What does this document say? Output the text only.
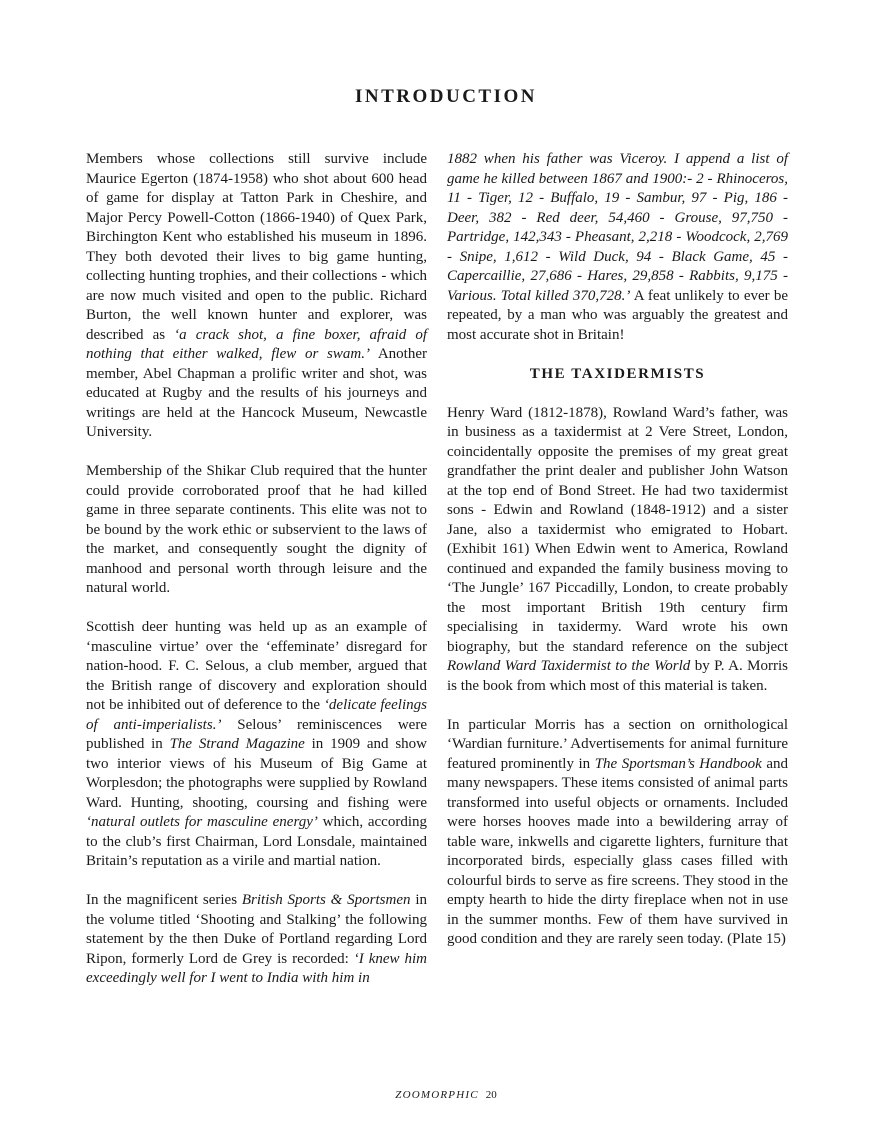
INTRODUCTION

Members whose collections still survive include Maurice Egerton (1874-1958) who shot about 600 head of game for display at Tatton Park in Cheshire, and Major Percy Powell-Cotton (1866-1940) of Quex Park, Birchington Kent who established his museum in 1896. They both devoted their lives to big game hunting, collecting hunting trophies, and their collections - which are now much visited and open to the public. Richard Burton, the well known hunter and explorer, was described as ‘a crack shot, a fine boxer, afraid of nothing that either walked, flew or swam.’ Another member, Abel Chapman a prolific writer and shot, was educated at Rugby and the results of his journeys and writings are held at the Hancock Museum, Newcastle University.

Membership of the Shikar Club required that the hunter could provide corroborated proof that he had killed game in three separate continents. This elite was not to be bound by the work ethic or subservient to the laws of the market, and consequently sought the dignity of manhood and personal worth through leisure and the natural world.

Scottish deer hunting was held up as an example of ‘masculine virtue’ over the ‘effeminate’ disregard for nation-hood. F. C. Selous, a club member, argued that the British range of discovery and exploration should not be inhibited out of deference to the ‘delicate feelings of anti-imperialists.’ Selous’ reminiscences were published in The Strand Magazine in 1909 and show two interior views of his Museum of Big Game at Worplesdon; the photographs were supplied by Rowland Ward. Hunting, shooting, coursing and fishing were ‘natural outlets for masculine energy’ which, according to the club’s first Chairman, Lord Lonsdale, maintained Britain’s reputation as a virile and martial nation.

In the magnificent series British Sports & Sportsmen in the volume titled ‘Shooting and Stalking’ the following statement by the then Duke of Portland regarding Lord Ripon, formerly Lord de Grey is recorded: ‘I knew him exceedingly well for I went to India with him in

1882 when his father was Viceroy. I append a list of game he killed between 1867 and 1900:- 2 - Rhinoceros, 11 - Tiger, 12 - Buffalo, 19 - Sambur, 97 - Pig, 186 - Deer, 382 - Red deer, 54,460 - Grouse, 97,750 - Partridge, 142,343 - Pheasant, 2,218 - Woodcock, 2,769 - Snipe, 1,612 - Wild Duck, 94 - Black Game, 45 - Capercaillie, 27,686 - Hares, 29,858 - Rabbits, 9,175 - Various. Total killed 370,728.’ A feat unlikely to ever be repeated, by a man who was arguably the greatest and most accurate shot in Britain!

THE TAXIDERMISTS

Henry Ward (1812-1878), Rowland Ward’s father, was in business as a taxidermist at 2 Vere Street, London, coincidentally opposite the premises of my great great grandfather the print dealer and publisher John Watson at the top end of Bond Street. He had two taxidermist sons - Edwin and Rowland (1848-1912) and a sister Jane, also a taxidermist who emigrated to Hobart. (Exhibit 161) When Edwin went to America, Rowland continued and expanded the family business moving to ‘The Jungle’ 167 Piccadilly, London, to create probably the most important British 19th century firm specialising in taxidermy. Ward wrote his own biography, but the standard reference on the subject Rowland Ward Taxidermist to the World by P. A. Morris is the book from which most of this material is taken.

In particular Morris has a section on ornithological ‘Wardian furniture.’ Advertisements for animal furniture featured prominently in The Sportsman’s Handbook and many newspapers. These items consisted of animal parts transformed into useful objects or ornaments. Included were horses hooves made into a bewildering array of table ware, inkwells and cigarette lighters, furniture that incorporated birds, especially glass cases filled with colourful birds to serve as fire screens. They stood in the empty hearth to hide the dirty fireplace when not in use in the summer months. Few of them have survived in good condition and they are rarely seen today. (Plate 15)

ZOOMORPHIC 20
